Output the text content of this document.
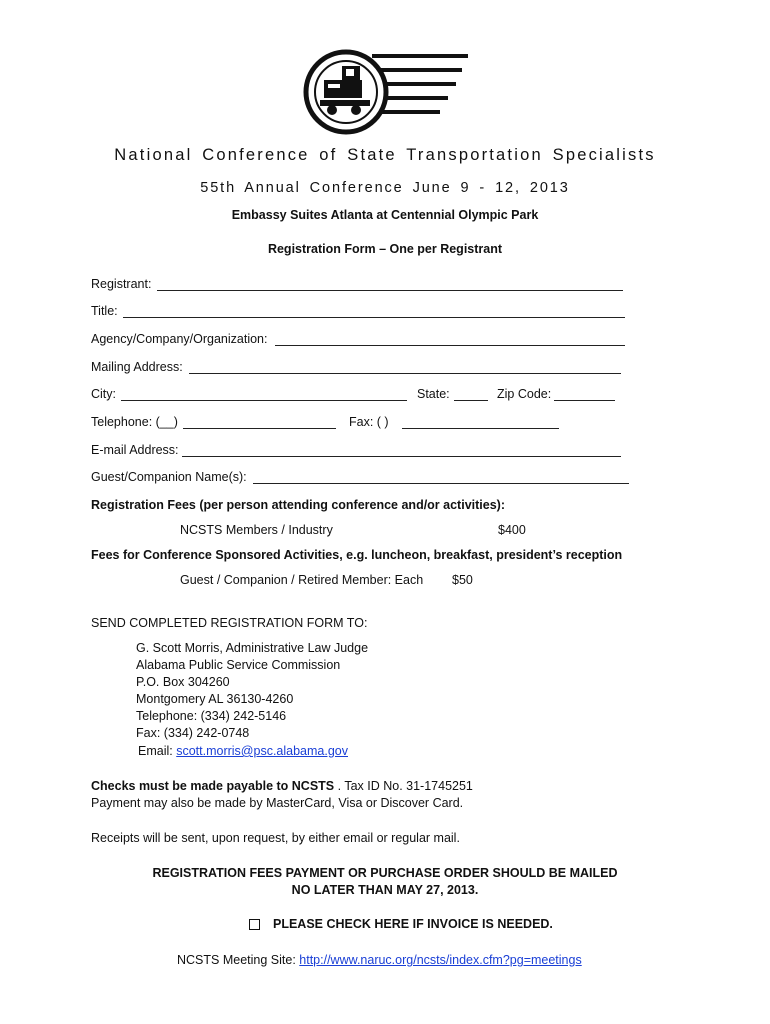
National Conference of State Transportation Specialists
55th Annual Conference June 9 - 12, 2013
Embassy Suites Atlanta at Centennial Olympic Park
Registration Form – One per Registrant
Registrant:
Title:
Agency/Company/Organization:
Mailing Address:
City:	State:	Zip Code:
Telephone: (__)	Fax: ( )
E-mail Address:
Guest/Companion Name(s):
Registration Fees (per person attending conference and/or activities):
NCSTS Members / Industry	$400
Fees for Conference Sponsored Activities, e.g. luncheon, breakfast, president’s reception
Guest / Companion / Retired Member: Each $50
SEND COMPLETED REGISTRATION FORM TO:
G. Scott Morris, Administrative Law Judge
Alabama Public Service Commission
P.O. Box 304260
Montgomery AL 36130-4260
Telephone: (334) 242-5146
Fax: (334) 242-0748
Email: scott.morris@psc.alabama.gov
Checks must be made payable to NCSTS . Tax ID No. 31-1745251
Payment may also be made by MasterCard, Visa or Discover Card.
Receipts will be sent, upon request, by either email or regular mail.
REGISTRATION FEES PAYMENT OR PURCHASE ORDER SHOULD BE MAILED
NO LATER THAN MAY 27, 2013.
PLEASE CHECK HERE IF INVOICE IS NEEDED.
NCSTS Meeting Site: http://www.naruc.org/ncsts/index.cfm?pg=meetings
